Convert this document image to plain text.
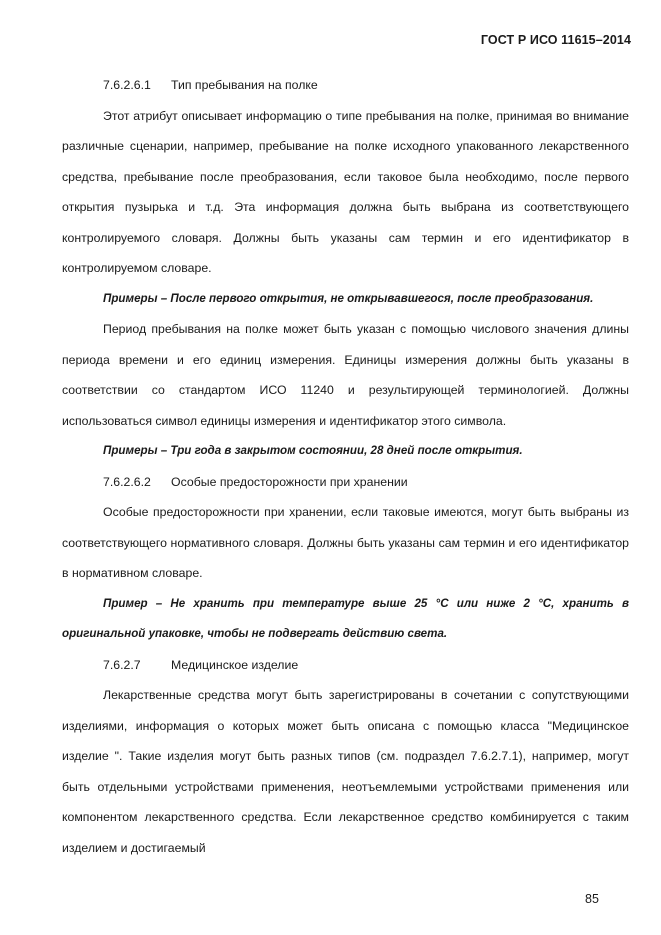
ГОСТ Р ИСО 11615–2014

7.6.2.6.1 Тип пребывания на полке

Этот атрибут описывает информацию о типе пребывания на полке, принимая во внимание различные сценарии, например, пребывание на полке исходного упакованного лекарственного средства, пребывание после преобразования, если таковое была необходимо, после первого открытия пузырька и т.д. Эта информация должна быть выбрана из соответствующего контролируемого словаря. Должны быть указаны сам термин и его идентификатор в контролируемом словаре.

Примеры – После первого открытия, не открывавшегося, после преобразования.

Период пребывания на полке может быть указан с помощью числового значения длины периода времени и его единиц измерения. Единицы измерения должны быть указаны в соответствии со стандартом ИСО 11240 и результирующей терминологией. Должны использоваться символ единицы измерения и идентификатор этого символа.

Примеры – Три года в закрытом состоянии, 28 дней после открытия.

7.6.2.6.2 Особые предосторожности при хранении

Особые предосторожности при хранении, если таковые имеются, могут быть выбраны из соответствующего нормативного словаря. Должны быть указаны сам термин и его идентификатор в нормативном словаре.

Пример – Не хранить при температуре выше 25 °С или ниже 2 °С, хранить в оригинальной упаковке, чтобы не подвергать действию света.

7.6.2.7 Медицинское изделие

Лекарственные средства могут быть зарегистрированы в сочетании с сопутствующими изделиями, информация о которых может быть описана с помощью класса "Медицинское изделие ". Такие изделия могут быть разных типов (см. подраздел 7.6.2.7.1), например, могут быть отдельными устройствами применения, неотъемлемыми устройствами применения или компонентом лекарственного средства. Если лекарственное средство комбинируется с таким изделием и достигаемый

85
